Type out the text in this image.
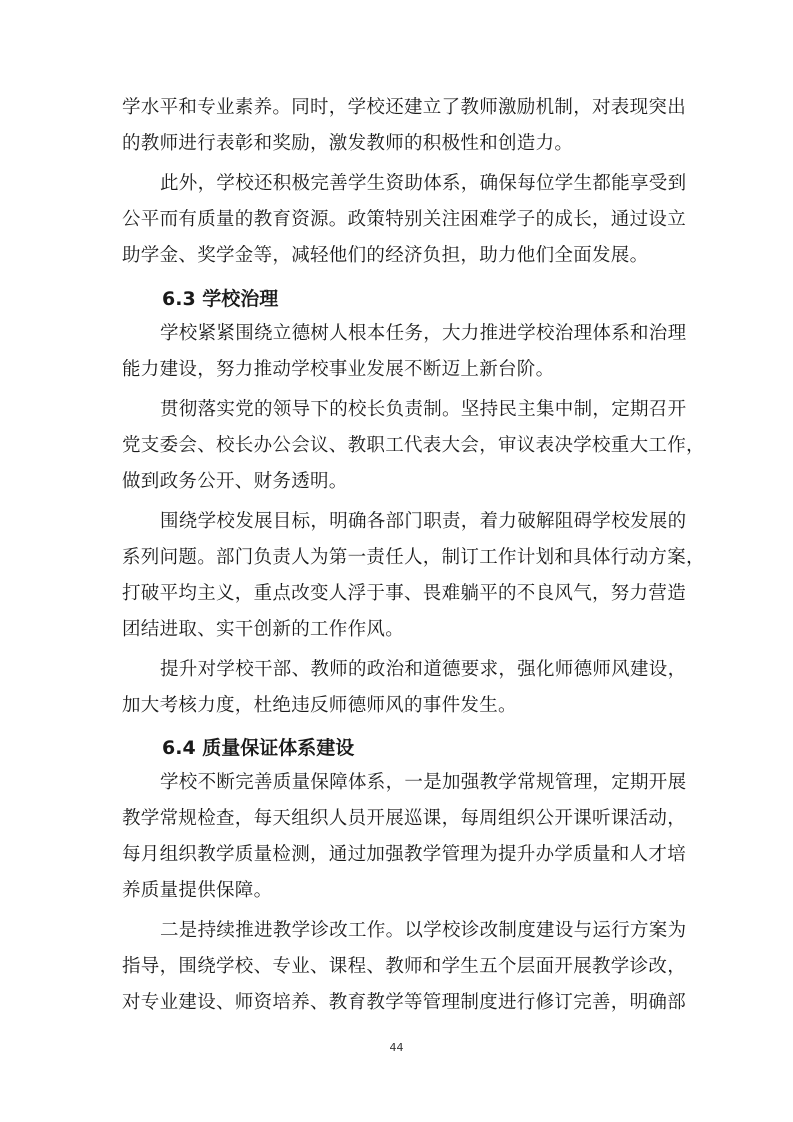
学水平和专业素养。同时，学校还建立了教师激励机制，对表现突出
的教师进行表彰和奖励，激发教师的积极性和创造力。
此外，学校还积极完善学生资助体系，确保每位学生都能享受到
公平而有质量的教育资源。政策特别关注困难学子的成长，通过设立
助学金、奖学金等，减轻他们的经济负担，助力他们全面发展。
6.3 学校治理
学校紧紧围绕立德树人根本任务，大力推进学校治理体系和治理
能力建设，努力推动学校事业发展不断迈上新台阶。
贯彻落实党的领导下的校长负责制。坚持民主集中制，定期召开
党支委会、校长办公会议、教职工代表大会，审议表决学校重大工作，
做到政务公开、财务透明。
围绕学校发展目标，明确各部门职责，着力破解阻碍学校发展的
系列问题。部门负责人为第一责任人，制订工作计划和具体行动方案，
打破平均主义，重点改变人浮于事、畏难躺平的不良风气，努力营造
团结进取、实干创新的工作作风。
提升对学校干部、教师的政治和道德要求，强化师德师风建设，
加大考核力度，杜绝违反师德师风的事件发生。
6.4 质量保证体系建设
学校不断完善质量保障体系，一是加强教学常规管理，定期开展
教学常规检查，每天组织人员开展巡课，每周组织公开课听课活动，
每月组织教学质量检测，通过加强教学管理为提升办学质量和人才培
养质量提供保障。
二是持续推进教学诊改工作。以学校诊改制度建设与运行方案为
指导，围绕学校、专业、课程、教师和学生五个层面开展教学诊改，
对专业建设、师资培养、教育教学等管理制度进行修订完善，明确部
44
